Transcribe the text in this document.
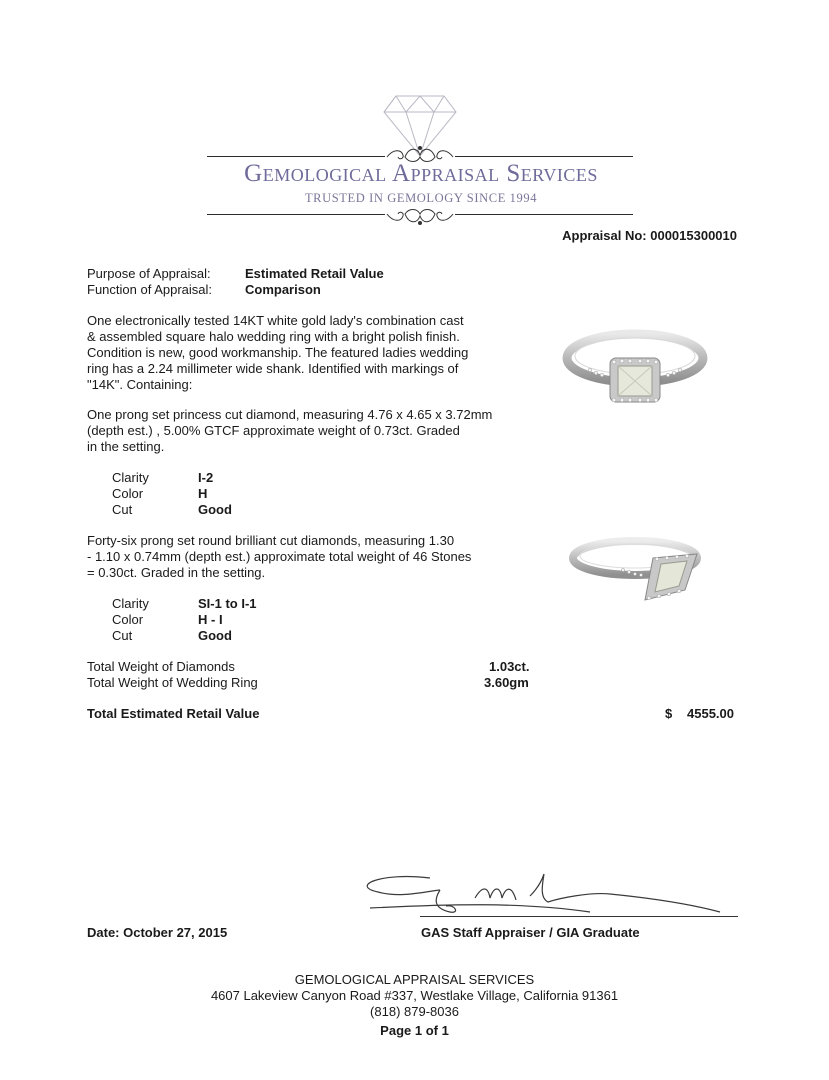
Gemological Appraisal Services
TRUSTED IN GEMOLOGY SINCE 1994
Appraisal No: 000015300010
Purpose of Appraisal:	Estimated Retail Value
Function of Appraisal:	Comparison
One electronically tested 14KT white gold lady's combination cast
& assembled square halo wedding ring with a bright polish finish.
Condition is new, good workmanship. The featured ladies wedding
ring has a 2.24 millimeter wide shank. Identified with markings of
"14K". Containing:
One prong set princess cut diamond, measuring 4.76 x 4.65 x 3.72mm
(depth est.) , 5.00% GTCF approximate weight of 0.73ct. Graded
in the setting.
Clarity	I-2
Color	H
Cut	Good
Forty-six prong set round brilliant cut diamonds, measuring 1.30
- 1.10 x 0.74mm (depth est.) approximate total weight of 46 Stones
= 0.30ct. Graded in the setting.
Clarity	SI-1 to I-1
Color	H - I
Cut	Good
Total Weight of Diamonds	1.03ct.
Total Weight of Wedding Ring	3.60gm
Total Estimated Retail Value	$ 4555.00
Date: October 27, 2015	GAS Staff Appraiser / GIA Graduate
GEMOLOGICAL APPRAISAL SERVICES
4607 Lakeview Canyon Road #337, Westlake Village, California 91361
(818) 879-8036
Page 1 of 1
